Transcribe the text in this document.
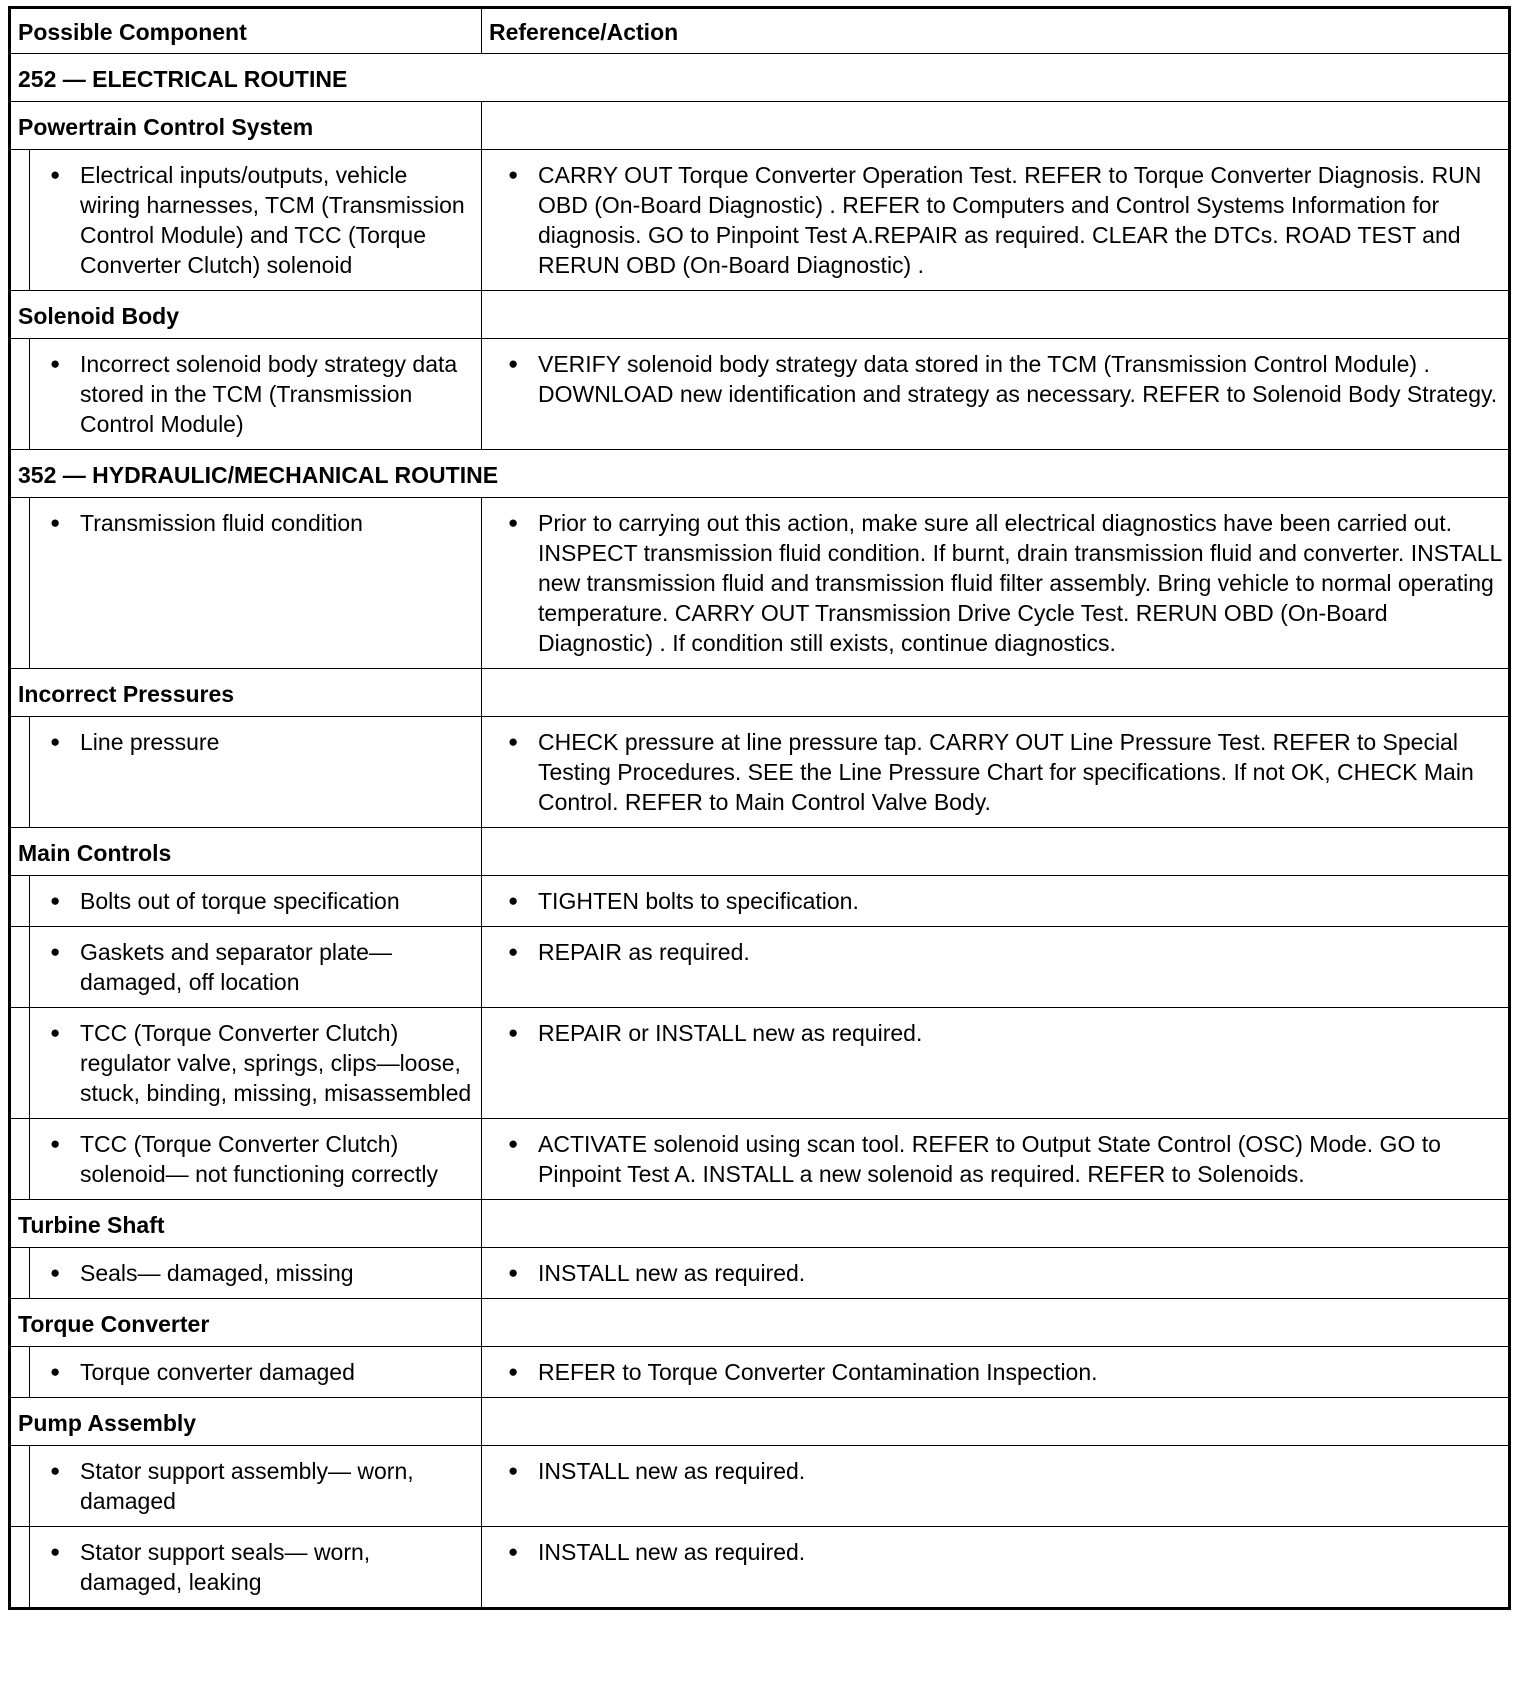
Possible Component		Reference/Action
252 — ELECTRICAL ROUTINE		
Powertrain Control System		

	● Electrical inputs/outputs, vehicle wiring harnesses, TCM (Transmission Control Module) and TCC (Torque Converter Clutch) solenoid	● CARRY OUT Torque Converter Operation Test. REFER to Torque Converter Diagnosis. RUN OBD (On-Board Diagnostic) . REFER to Computers and Control Systems Information for diagnosis. GO to Pinpoint Test A.REPAIR as required. CLEAR the DTCs. ROAD TEST and RERUN OBD (On-Board Diagnostic) .

Solenoid Body		

	● Incorrect solenoid body strategy data stored in the TCM (Transmission Control Module)	● VERIFY solenoid body strategy data stored in the TCM (Transmission Control Module) . DOWNLOAD new identification and strategy as necessary. REFER to Solenoid Body Strategy.

352 — HYDRAULIC/MECHANICAL ROUTINE		

	● Transmission fluid condition	● Prior to carrying out this action, make sure all electrical diagnostics have been carried out. INSPECT transmission fluid condition. If burnt, drain transmission fluid and converter. INSTALL new transmission fluid and transmission fluid filter assembly. Bring vehicle to normal operating temperature. CARRY OUT Transmission Drive Cycle Test. RERUN OBD (On-Board Diagnostic) . If condition still exists, continue diagnostics.

Incorrect Pressures		

	● Line pressure	● CHECK pressure at line pressure tap. CARRY OUT Line Pressure Test. REFER to Special Testing Procedures. SEE the Line Pressure Chart for specifications. If not OK, CHECK Main Control. REFER to Main Control Valve Body.

Main Controls		

	● Bolts out of torque specification	● TIGHTEN bolts to specification.

	● Gaskets and separator plate—damaged, off location	● REPAIR as required.

	● TCC (Torque Converter Clutch) regulator valve, springs, clips—loose, stuck, binding, missing, misassembled	● REPAIR or INSTALL new as required.

	● TCC (Torque Converter Clutch) solenoid— not functioning correctly	● ACTIVATE solenoid using scan tool. REFER to Output State Control (OSC) Mode. GO to Pinpoint Test A. INSTALL a new solenoid as required. REFER to Solenoids.

Turbine Shaft		

	● Seals— damaged, missing	● INSTALL new as required.

Torque Converter		

	● Torque converter damaged	● REFER to Torque Converter Contamination Inspection.

Pump Assembly		

	● Stator support assembly— worn, damaged	● INSTALL new as required.

	● Stator support seals— worn, damaged, leaking	● INSTALL new as required.
